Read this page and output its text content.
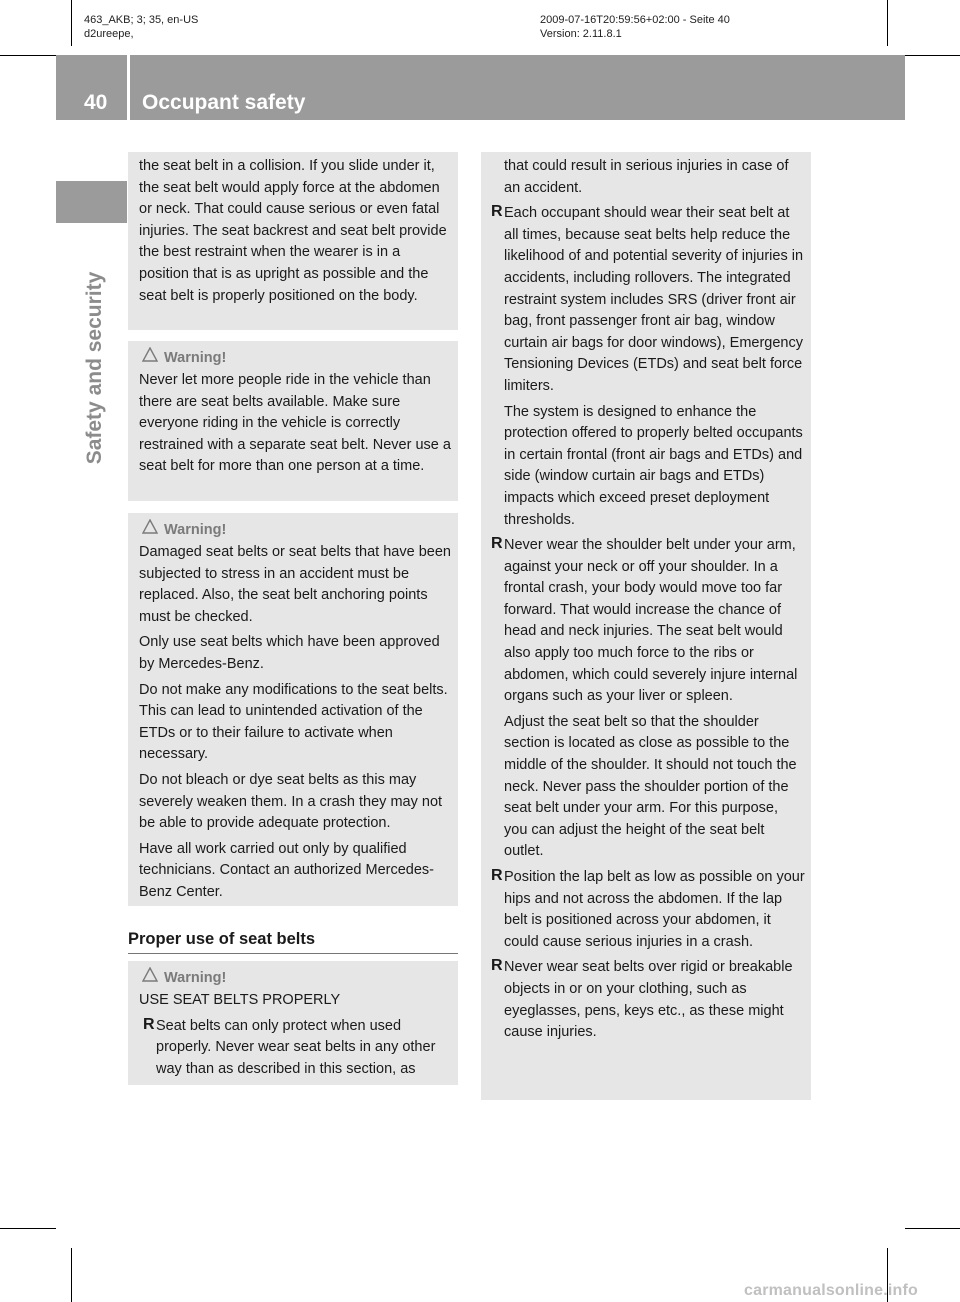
463_AKB; 3; 35, en-US
d2ureepe,
2009-07-16T20:59:56+02:00 - Seite 40
Version: 2.11.8.1
40 Occupant safety
Safety and security

the seat belt in a collision. If you slide under it, the seat belt would apply force at the abdomen or neck. That could cause serious or even fatal injuries. The seat backrest and seat belt provide the best restraint when the wearer is in a position that is as upright as possible and the seat belt is properly positioned on the body.

Warning!

Never let more people ride in the vehicle than there are seat belts available. Make sure everyone riding in the vehicle is correctly restrained with a separate seat belt. Never use a seat belt for more than one person at a time.

Warning!

Damaged seat belts or seat belts that have been subjected to stress in an accident must be replaced. Also, the seat belt anchoring points must be checked.

Only use seat belts which have been approved by Mercedes-Benz.

Do not make any modifications to the seat belts. This can lead to unintended activation of the ETDs or to their failure to activate when necessary.

Do not bleach or dye seat belts as this may severely weaken them. In a crash they may not be able to provide adequate protection.

Have all work carried out only by qualified technicians. Contact an authorized Mercedes-Benz Center.

Proper use of seat belts
Warning!

USE SEAT BELTS PROPERLY

R Seat belts can only protect when used properly. Never wear seat belts in any other way than as described in this section, as

that could result in serious injuries in case of an accident.

R Each occupant should wear their seat belt at all times, because seat belts help reduce the likelihood of and potential severity of injuries in accidents, including rollovers. The integrated restraint system includes SRS (driver front air bag, front passenger front air bag, window curtain air bags for door windows), Emergency Tensioning Devices (ETDs) and seat belt force limiters.

The system is designed to enhance the protection offered to properly belted occupants in certain frontal (front air bags and ETDs) and side (window curtain air bags and ETDs) impacts which exceed preset deployment thresholds.

R Never wear the shoulder belt under your arm, against your neck or off your shoulder. In a frontal crash, your body would move too far forward. That would increase the chance of head and neck injuries. The seat belt would also apply too much force to the ribs or abdomen, which could severely injure internal organs such as your liver or spleen.

Adjust the seat belt so that the shoulder section is located as close as possible to the middle of the shoulder. It should not touch the neck. Never pass the shoulder portion of the seat belt under your arm. For this purpose, you can adjust the height of the seat belt outlet.

R Position the lap belt as low as possible on your hips and not across the abdomen. If the lap belt is positioned across your abdomen, it could cause serious injuries in a crash.

R Never wear seat belts over rigid or breakable objects in or on your clothing, such as eyeglasses, pens, keys etc., as these might cause injuries.

carmanualsonline.info
